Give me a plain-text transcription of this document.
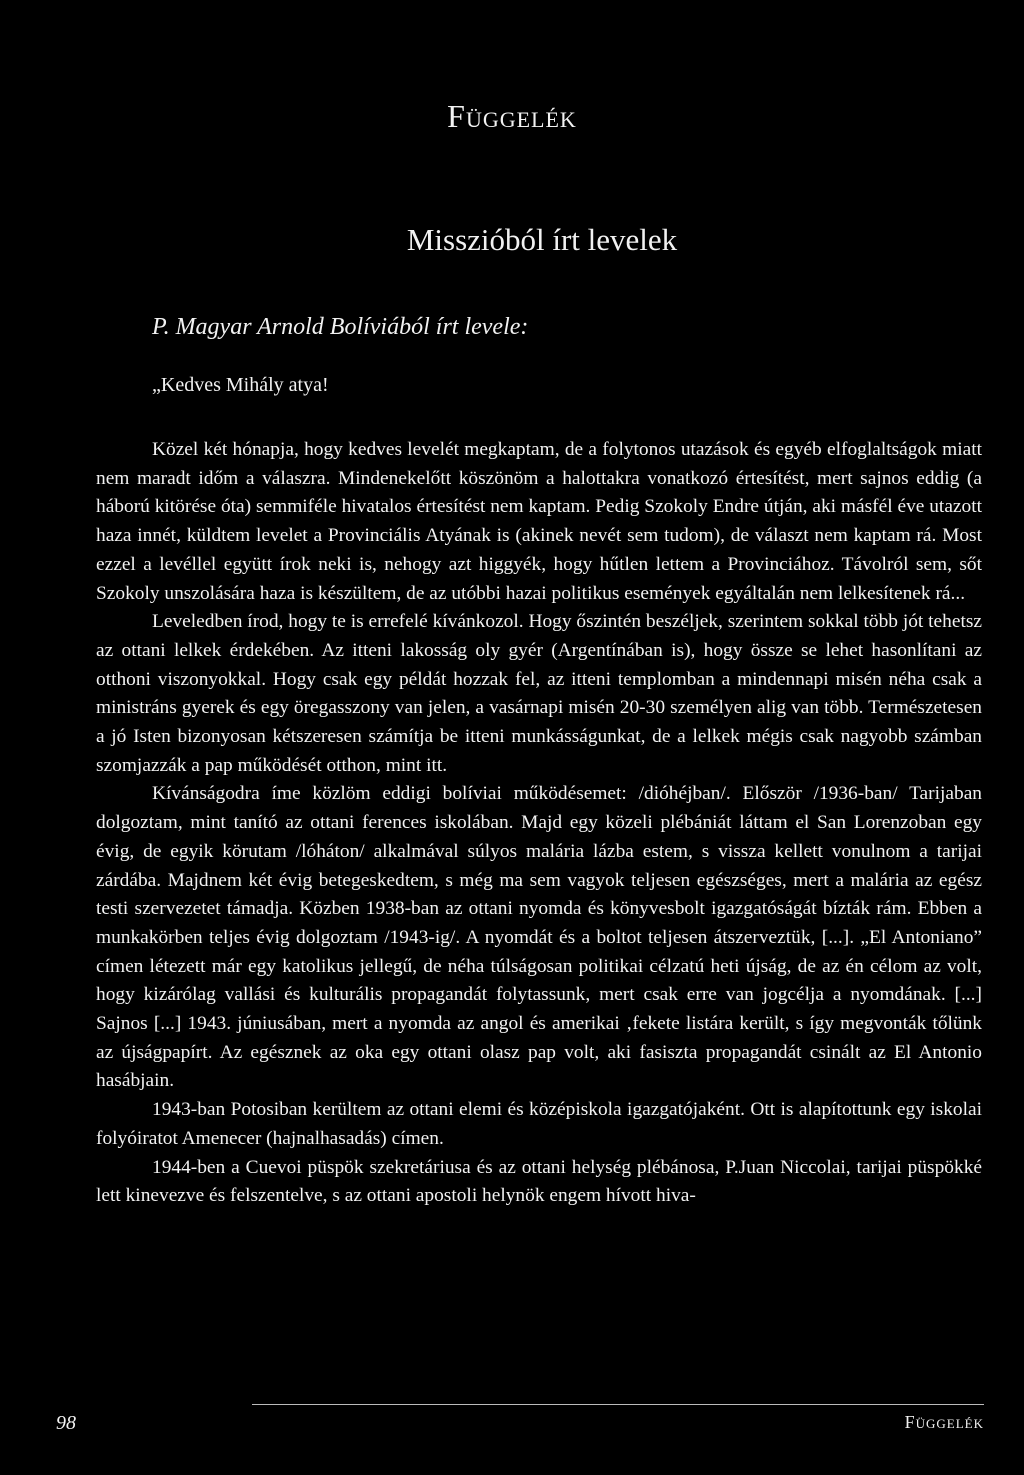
Függelék
Misszióból írt levelek

P. Magyar Arnold Bolíviából írt levele:

„Kedves Mihály atya!

Közel két hónapja, hogy kedves levelét megkaptam, de a folytonos utazások és egyéb elfoglaltságok miatt nem maradt időm a válaszra. Mindenekelőtt köszönöm a halottakra vonatkozó értesítést, mert sajnos eddig (a háború kitörése óta) semmiféle hivatalos értesítést nem kaptam. Pedig Szokoly Endre útján, aki másfél éve utazott haza innét, küldtem levelet a Provinciális Atyának is (akinek nevét sem tudom), de választ nem kaptam rá. Most ezzel a levéllel együtt írok neki is, nehogy azt higgyék, hogy hűtlen lettem a Provinciához. Távolról sem, sőt Szokoly unszolására haza is készültem, de az utóbbi hazai politikus események egyáltalán nem lelkesítenek rá...

Leveledben írod, hogy te is errefelé kívánkozol. Hogy őszintén beszéljek, szerintem sokkal több jót tehetsz az ottani lelkek érdekében. Az itteni lakosság oly gyér (Argentínában is), hogy össze se lehet hasonlítani az otthoni viszonyokkal. Hogy csak egy példát hozzak fel, az itteni templomban a mindennapi misén néha csak a ministráns gyerek és egy öregasszony van jelen, a vasárnapi misén 20-30 személyen alig van több. Természetesen a jó Isten bizonyosan kétszeresen számítja be itteni munkásságunkat, de a lelkek mégis csak nagyobb számban szomjazzák a pap működését otthon, mint itt.

Kívánságodra íme közlöm eddigi bolíviai működésemet: /dióhéjban/. Először /1936-ban/ Tarijaban dolgoztam, mint tanító az ottani ferences iskolában. Majd egy közeli plébániát láttam el San Lorenzoban egy évig, de egyik körutam /lóháton/ alkalmával súlyos malária lázba estem, s vissza kellett vonulnom a tarijai zárdába. Majdnem két évig betegeskedtem, s még ma sem vagyok teljesen egészséges, mert a malária az egész testi szervezetet támadja. Közben 1938-ban az ottani nyomda és könyvesbolt igazgatóságát bízták rám. Ebben a munkakörben teljes évig dolgoztam /1943-ig/. A nyomdát és a boltot teljesen átszerveztük, [...]. „El Antoniano” címen létezett már egy katolikus jellegű, de néha túlságosan politikai célzatú heti újság, de az én célom az volt, hogy kizárólag vallási és kulturális propagandát folytassunk, mert csak erre van jogcélja a nyomdának. [...] Sajnos [...] 1943. júniusában, mert a nyomda az angol és amerikai ‚fekete listára került, s így megvonták tőlünk az újságpapírt. Az egésznek az oka egy ottani olasz pap volt, aki fasiszta propagandát csinált az El Antonio hasábjain.

1943-ban Potosiban kerültem az ottani elemi és középiskola igazgatójaként. Ott is alapítottunk egy iskolai folyóiratot Amenecer (hajnalhasadás) címen.

1944-ben a Cuevoi püspök szekretáriusa és az ottani helység plébánosa, P.Juan Niccolai, tarijai püspökké lett kinevezve és felszentelve, s az ottani apostoli helynök engem hívott hiva-

98	Függelék
